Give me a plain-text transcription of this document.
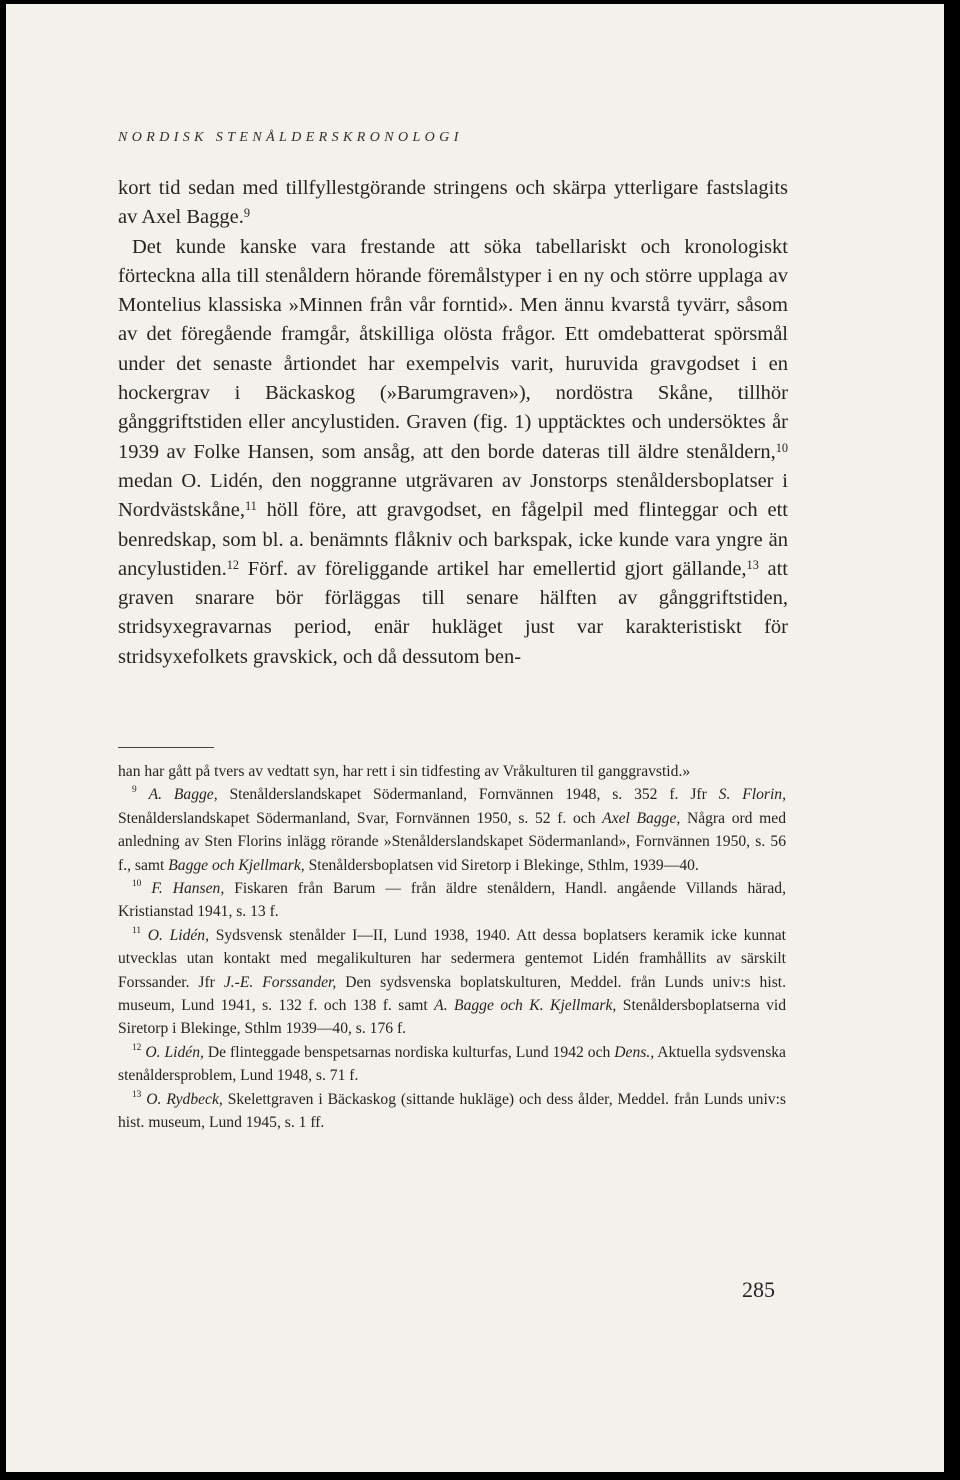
NORDISK STENÅLDERSKRONOLOGI

kort tid sedan med tillfyllestgörande stringens och skärpa ytterligare fastslagits av Axel Bagge.$^9$

Det kunde kanske vara frestande att söka tabellariskt och kronologiskt förteckna alla till stenåldern hörande föremålstyper i en ny och större upplaga av Montelius klassiska »Minnen från vår forntid». Men ännu kvarstå tyvärr, såsom av det föregående framgår, åtskilliga olösta frågor. Ett omdebatterat spörsmål under det senaste årtiondet har exempelvis varit, huruvida gravgodset i en hockergrav i Bäckaskog (»Barumgraven»), nordöstra Skåne, tillhör gånggriftstiden eller ancylustiden. Graven (fig. 1) upptäcktes och undersöktes år 1939 av Folke Hansen, som ansåg, att den borde dateras till äldre stenåldern,$^{10}$ medan O. Lidén, den noggranne utgrävaren av Jonstorps stenåldersboplatser i Nordvästskåne,$^{11}$ höll före, att gravgodset, en fågelpil med flinteggar och ett benredskap, som bl. a. benämnts flåkniv och barkspak, icke kunde vara yngre än ancylustiden.$^{12}$ Förf. av föreliggande artikel har emellertid gjort gällande,$^{13}$ att graven snarare bör förläggas till senare hälften av gånggriftstiden, stridsyxegravarnas period, enär hukläget just var karakteristiskt för stridsyxefolkets gravskick, och då dessutom ben-

han har gått på tvers av vedtatt syn, har rett i sin tidfesting av Vråkulturen til ganggravstid.»

$^9$ A. Bagge, Stenålderslandskapet Södermanland, Fornvännen 1948, s. 352 f. Jfr S. Florin, Stenålderslandskapet Södermanland, Svar, Fornvännen 1950, s. 52 f. och Axel Bagge, Några ord med anledning av Sten Florins inlägg rörande »Stenålderslandskapet Södermanland», Fornvännen 1950, s. 56 f., samt Bagge och Kjellmark, Stenåldersboplatsen vid Siretorp i Blekinge, Sthlm, 1939—40.

$^{10}$ F. Hansen, Fiskaren från Barum — från äldre stenåldern, Handl. angående Villands härad, Kristianstad 1941, s. 13 f.

$^{11}$ O. Lidén, Sydsvensk stenålder I—II, Lund 1938, 1940. Att dessa boplatsers keramik icke kunnat utvecklas utan kontakt med megalikulturen har sedermera gentemot Lidén framhållits av särskilt Forssander. Jfr J.-E. Forssander, Den sydsvenska boplatskulturen, Meddel. från Lunds univ:s hist. museum, Lund 1941, s. 132 f. och 138 f. samt A. Bagge och K. Kjellmark, Stenåldersboplatserna vid Siretorp i Blekinge, Sthlm 1939—40, s. 176 f.

$^{12}$ O. Lidén, De flinteggade benspetsarnas nordiska kulturfas, Lund 1942 och Dens., Aktuella sydsvenska stenåldersproblem, Lund 1948, s. 71 f.

$^{13}$ O. Rydbeck, Skelettgraven i Bäckaskog (sittande hukläge) och dess ålder, Meddel. från Lunds univ:s hist. museum, Lund 1945, s. 1 ff.

285
